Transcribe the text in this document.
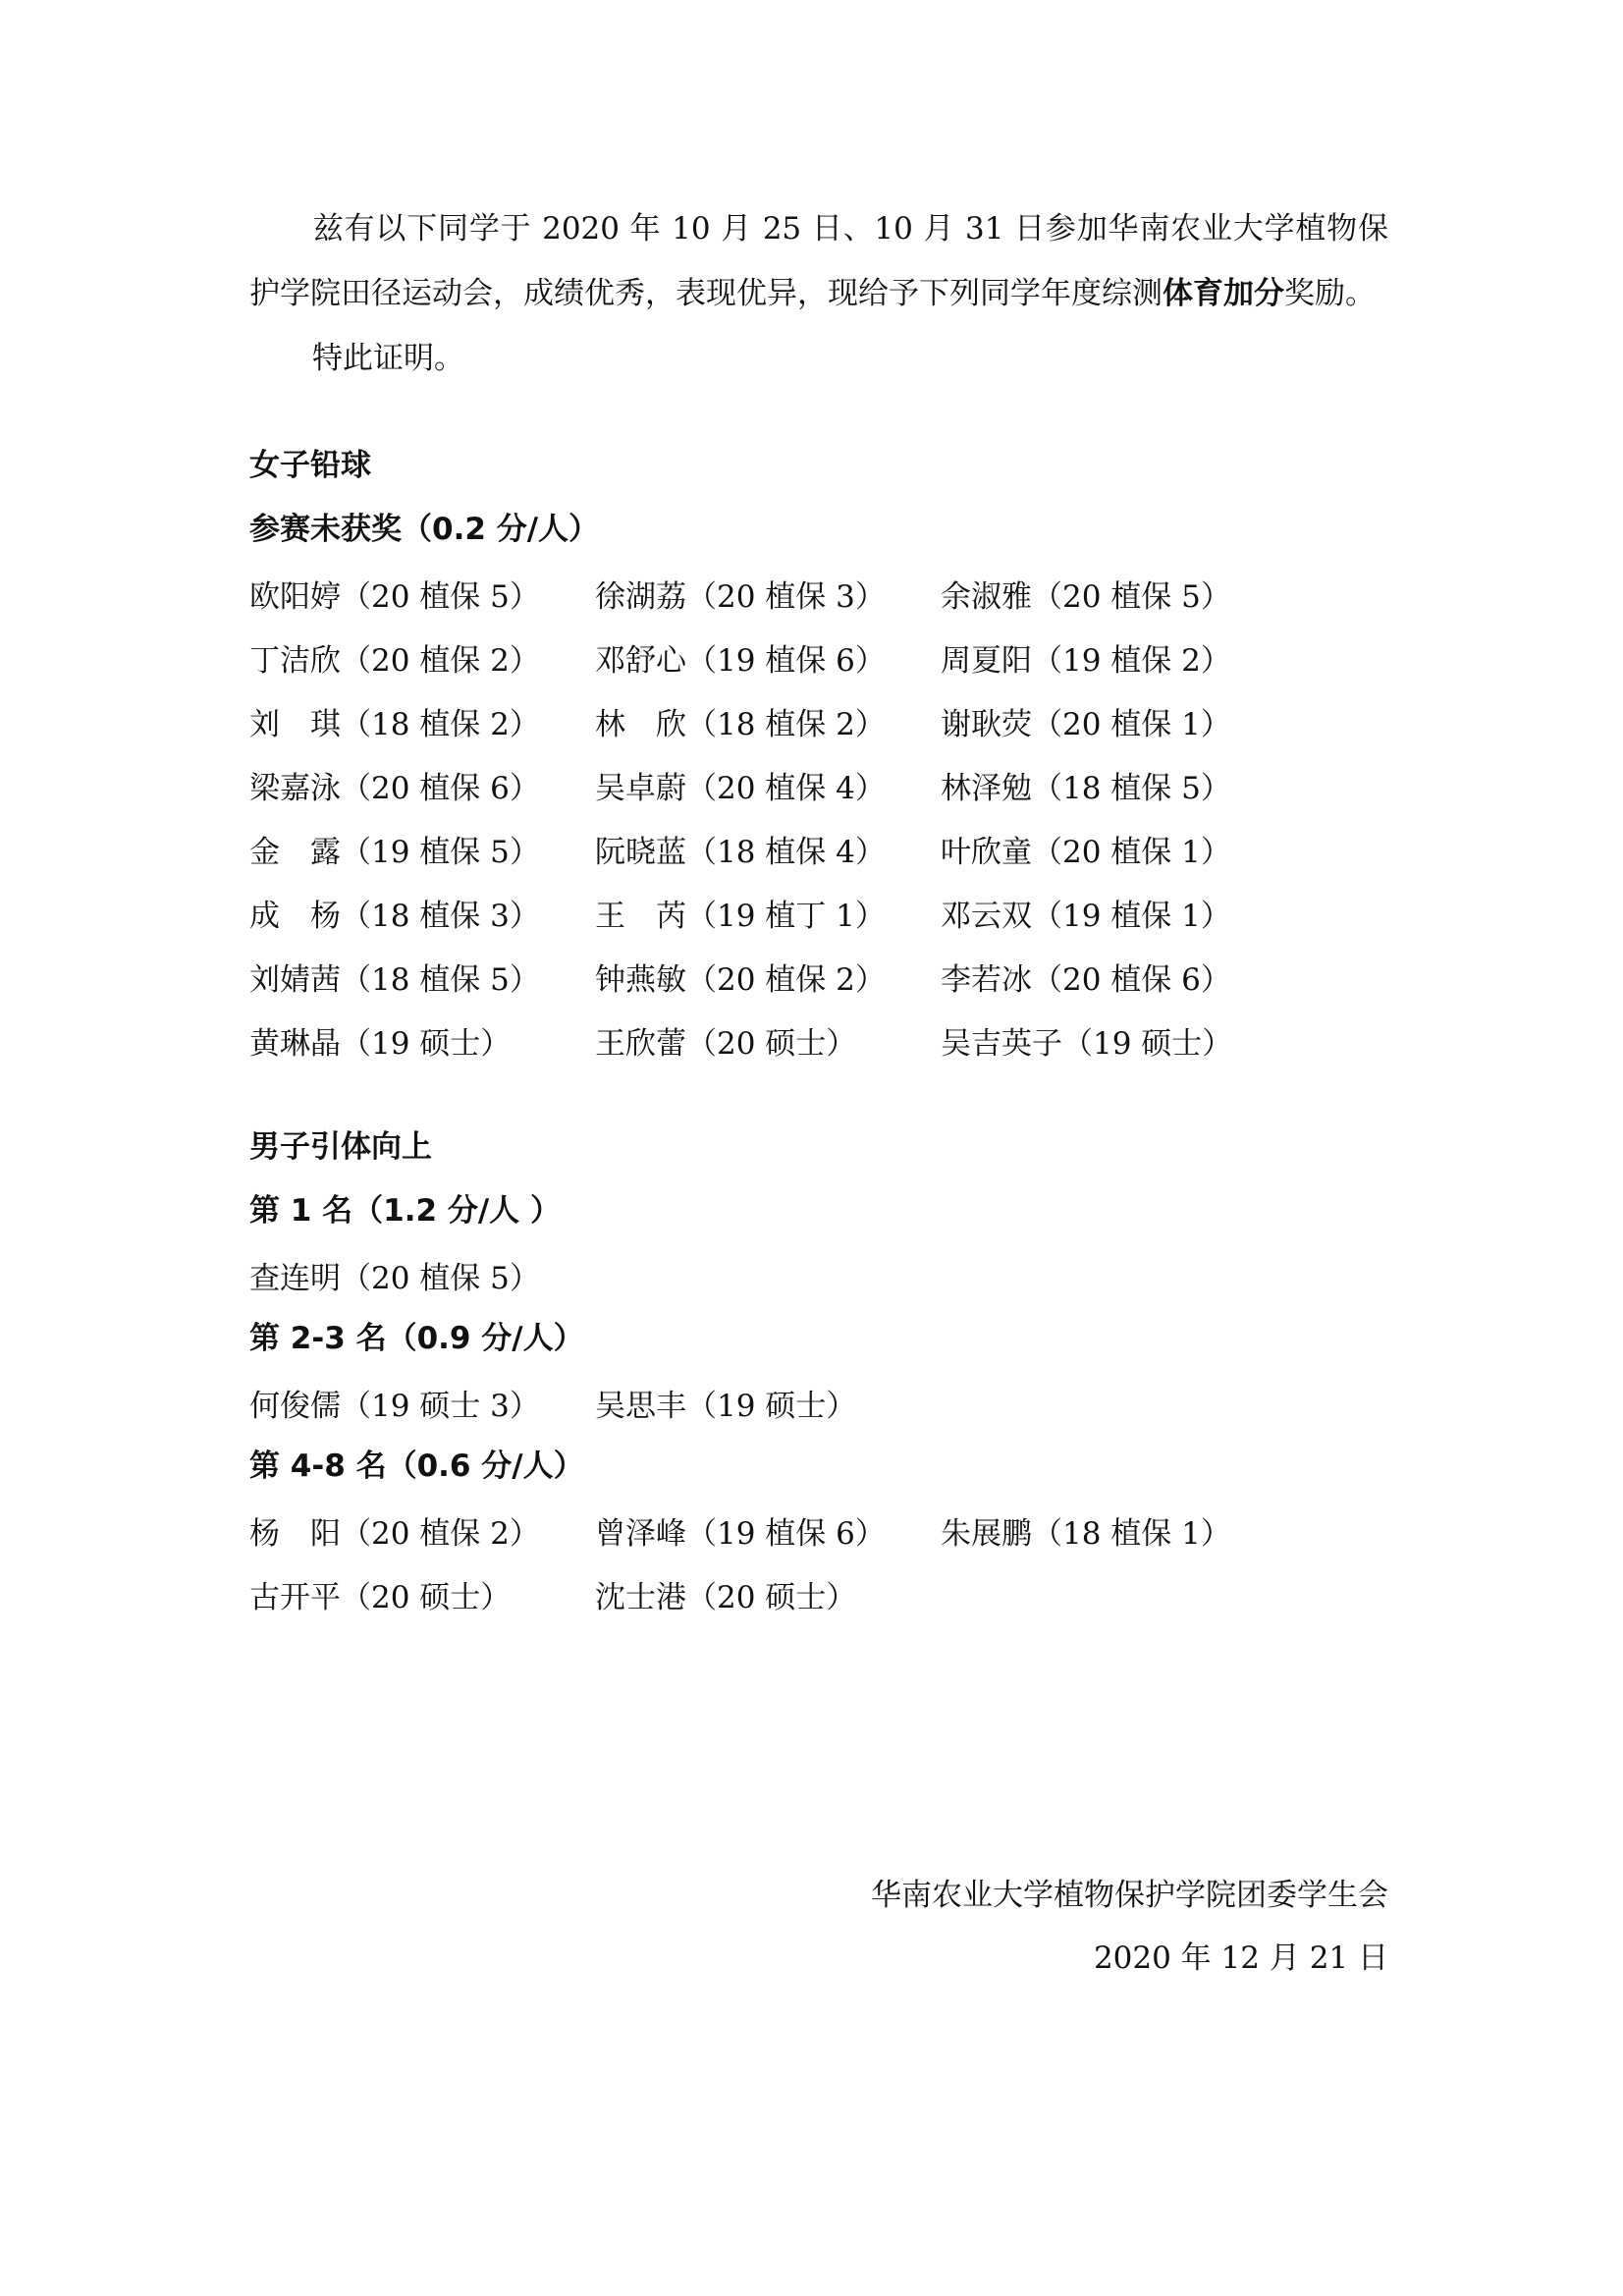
兹有以下同学于 2020 年 10 月 25 日、10 月 31 日参加华南农业大学植物保护学院田径运动会，成绩优秀，表现优异，现给予下列同学年度综测体育加分奖励。

特此证明。

女子铅球

参赛未获奖（0.2 分/人）

欧阳婷（20 植保 5）	徐湖荔（20 植保 3）	余淑雅（20 植保 5）
丁洁欣（20 植保 2）	邓舒心（19 植保 6）	周夏阳（19 植保 2）
刘　琪（18 植保 2）	林　欣（18 植保 2）	谢耿荧（20 植保 1）
梁嘉泳（20 植保 6）	吴卓蔚（20 植保 4）	林泽勉（18 植保 5）
金　露（19 植保 5）	阮晓蓝（18 植保 4）	叶欣童（20 植保 1）
成　杨（18 植保 3）	王　芮（19 植丁 1）	邓云双（19 植保 1）
刘婧茜（18 植保 5）	钟燕敏（20 植保 2）	李若冰（20 植保 6）
黄琳晶（19 硕士）	王欣蕾（20 硕士）	吴吉英子（19 硕士）

男子引体向上

第 1 名（1.2 分/人 ）

查连明（20 植保 5）

第 2-3 名（0.9 分/人）

何俊儒（19 硕士 3）	吴思丰（19 硕士）

第 4-8 名（0.6 分/人）

杨　阳（20 植保 2）	曾泽峰（19 植保 6）	朱展鹏（18 植保 1）
古开平（20 硕士）	沈士港（20 硕士）
华南农业大学植物保护学院团委学生会
2020 年 12 月 21 日
